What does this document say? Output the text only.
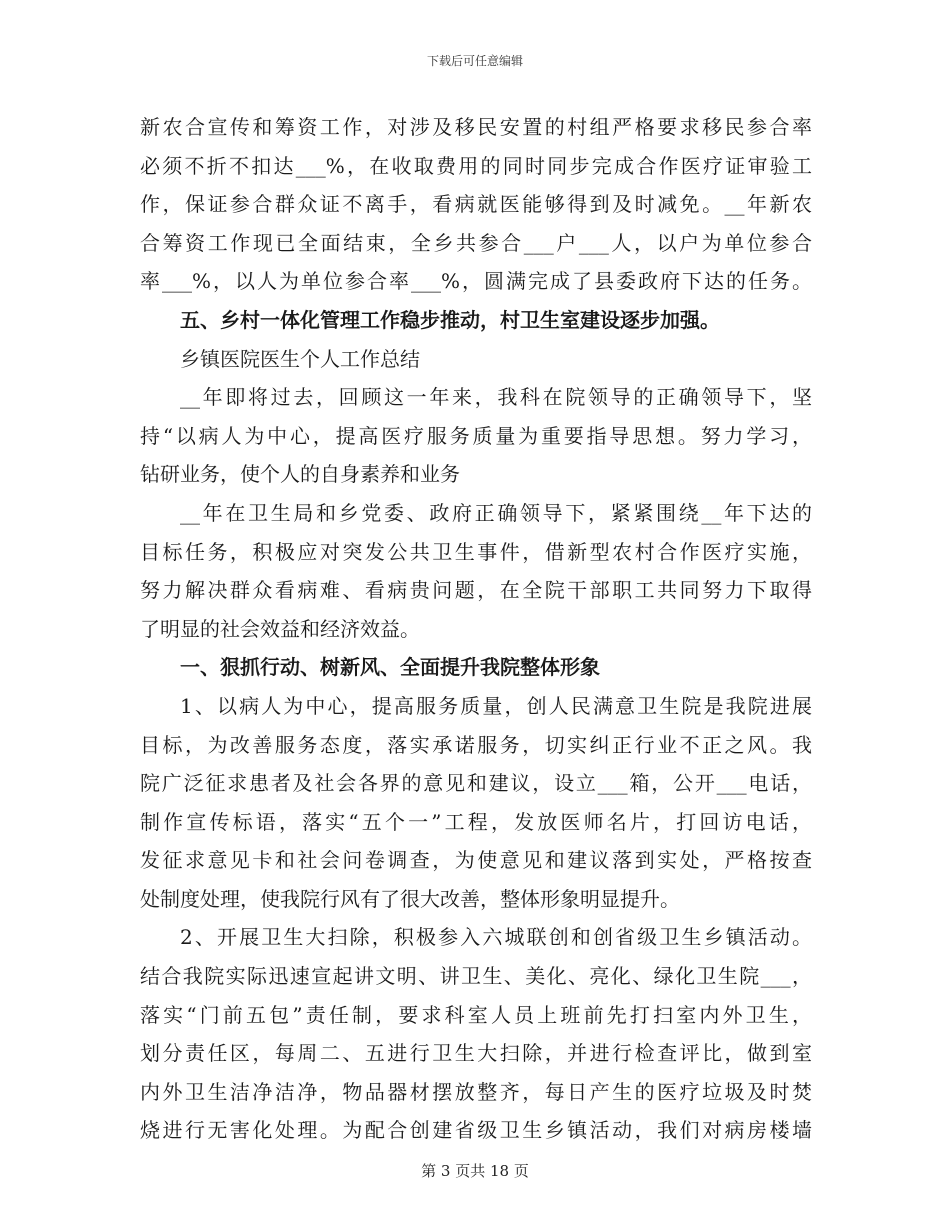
下载后可任意编辑
新农合宣传和筹资工作，对涉及移民安置的村组严格要求移民参合率
必须不折不扣达___%，在收取费用的同时同步完成合作医疗证审验工
作，保证参合群众证不离手，看病就医能够得到及时减免。__年新农
合筹资工作现已全面结束，全乡共参合___户___人，以户为单位参合
率___%，以人为单位参合率___%，圆满完成了县委政府下达的任务。
五、乡村一体化管理工作稳步推动，村卫生室建设逐步加强。
乡镇医院医生个人工作总结
__年即将过去，回顾这一年来，我科在院领导的正确领导下，坚
持“以病人为中心，提高医疗服务质量为重要指导思想。努力学习，
钻研业务，使个人的自身素养和业务
__年在卫生局和乡党委、政府正确领导下，紧紧围绕__年下达的
目标任务，积极应对突发公共卫生事件，借新型农村合作医疗实施，
努力解决群众看病难、看病贵问题，在全院干部职工共同努力下取得
了明显的社会效益和经济效益。
一、狠抓行动、树新风、全面提升我院整体形象
1、以病人为中心，提高服务质量，创人民满意卫生院是我院进展
目标，为改善服务态度，落实承诺服务，切实纠正行业不正之风。我
院广泛征求患者及社会各界的意见和建议，设立___箱，公开___电话，
制作宣传标语，落实“五个一”工程，发放医师名片，打回访电话，
发征求意见卡和社会问卷调查，为使意见和建议落到实处，严格按查
处制度处理，使我院行风有了很大改善，整体形象明显提升。
2、开展卫生大扫除，积极参入六城联创和创省级卫生乡镇活动。
结合我院实际迅速宣起讲文明、讲卫生、美化、亮化、绿化卫生院___，
落实“门前五包”责任制，要求科室人员上班前先打扫室内外卫生，
划分责任区，每周二、五进行卫生大扫除，并进行检查评比，做到室
内外卫生洁净洁净，物品器材摆放整齐，每日产生的医疗垃圾及时焚
烧进行无害化处理。为配合创建省级卫生乡镇活动，我们对病房楼墙
第 3 页共 18 页
